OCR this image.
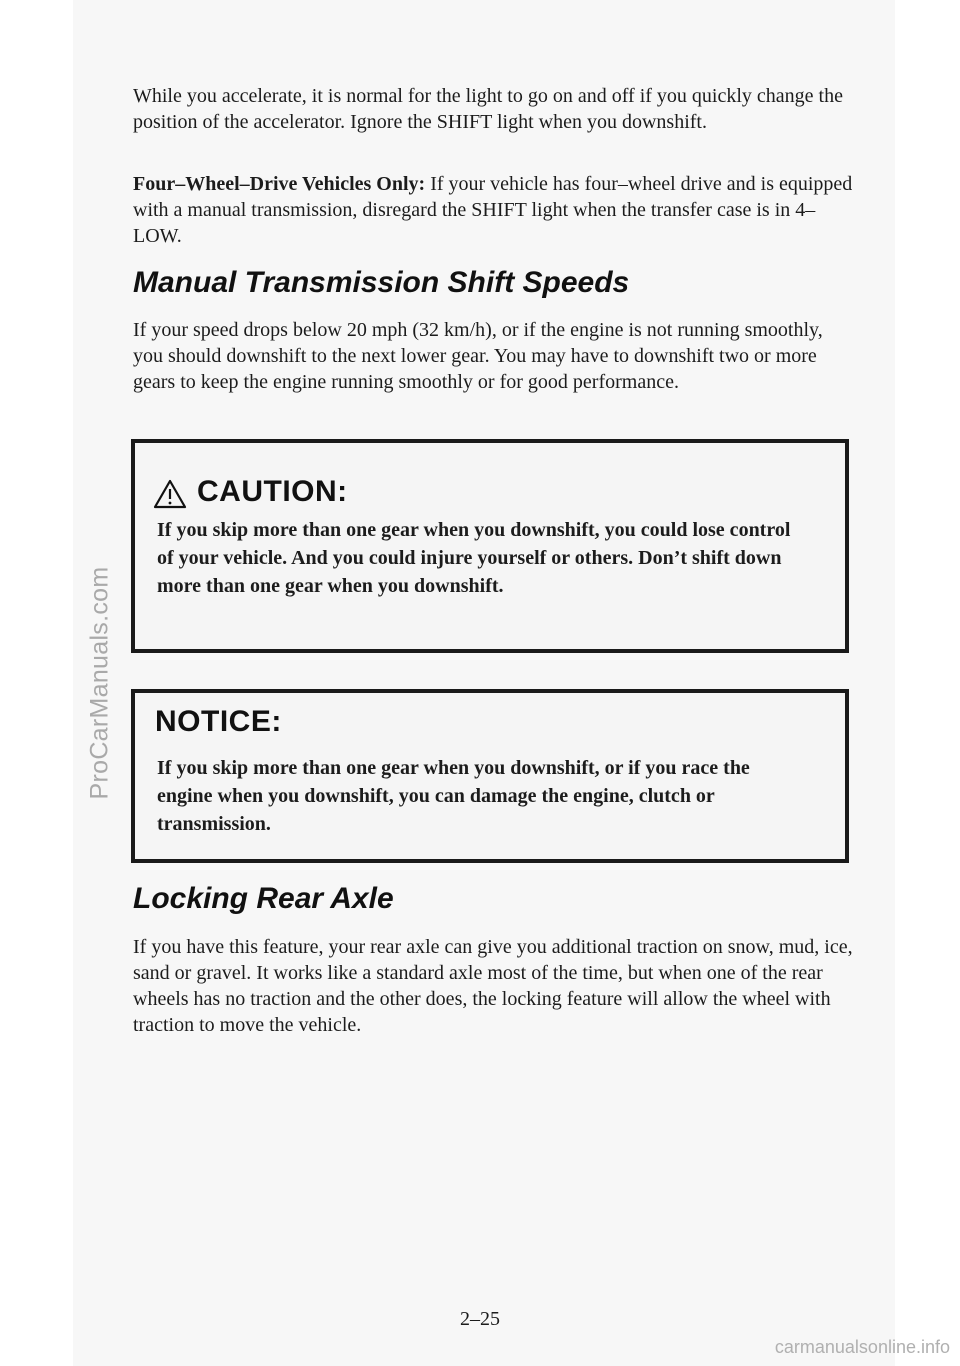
ProCarManuals.com

While you accelerate, it is normal for the light to go on and off if you quickly change the position of the accelerator. Ignore the SHIFT light when you downshift.

Four–Wheel–Drive Vehicles Only: If your vehicle has four–wheel drive and is equipped with a manual transmission, disregard the SHIFT light when the transfer case is in 4–LOW.

Manual Transmission Shift Speeds

If your speed drops below 20 mph (32 km/h), or if the engine is not running smoothly, you should downshift to the next lower gear. You may have to downshift two or more gears to keep the engine running smoothly or for good performance.

CAUTION:

If you skip more than one gear when you downshift, you could lose control of your vehicle. And you could injure yourself or others. Don’t shift down more than one gear when you downshift.

NOTICE:

If you skip more than one gear when you downshift, or if you race the engine when you downshift, you can damage the engine, clutch or transmission.

Locking Rear Axle

If you have this feature, your rear axle can give you additional traction on snow, mud, ice, sand or gravel. It works like a standard axle most of the time, but when one of the rear wheels has no traction and the other does, the locking feature will allow the wheel with traction to move the vehicle.

2–25
carmanualsonline.info
